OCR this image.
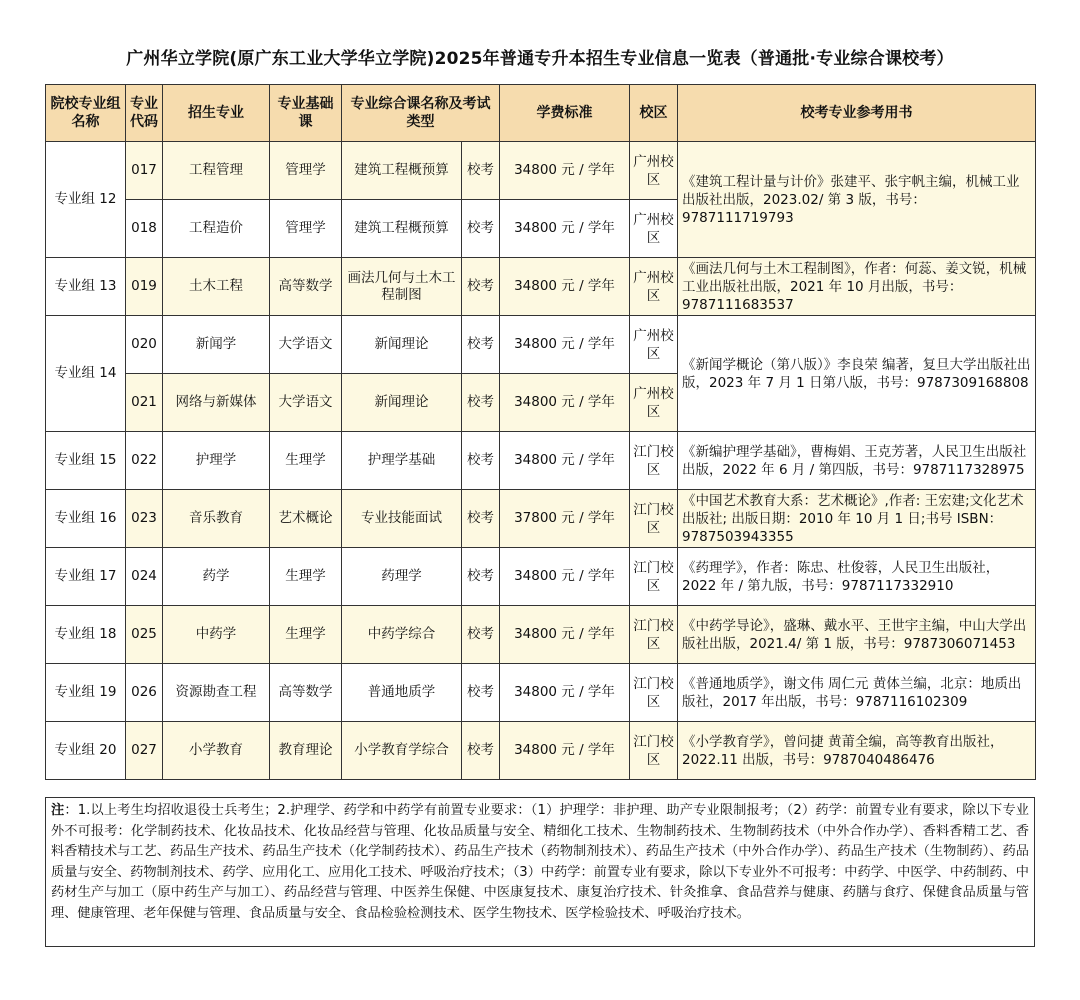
广州华立学院(原广东工业大学华立学院)2025年普通专升本招生专业信息一览表（普通批·专业综合课校考）
院校专业组名称	专业代码	招生专业	专业基础课	专业综合课名称及考试类型		学费标准	校区	校考专业参考用书
专业组 12	017	工程管理	管理学	建筑工程概预算	校考	34800 元 / 学年	广州校区	《建筑工程计量与计价》张建平、张宇帆主编，机械工业出版社出版，2023.02/ 第 3 版，书号：9787111719793
	018	工程造价	管理学	建筑工程概预算	校考	34800 元 / 学年	广州校区	
专业组 13	019	土木工程	高等数学	画法几何与土木工程制图	校考	34800 元 / 学年	广州校区	《画法几何与土木工程制图》，作者：何蕊、姜文锐，机械工业出版社出版，2021 年 10 月出版，书号：9787111683537
专业组 14	020	新闻学	大学语文	新闻理论	校考	34800 元 / 学年	广州校区	《新闻学概论（第八版）》李良荣 编著，复旦大学出版社出版，2023 年 7 月 1 日第八版，书号：9787309168808
	021	网络与新媒体	大学语文	新闻理论	校考	34800 元 / 学年	广州校区	
专业组 15	022	护理学	生理学	护理学基础	校考	34800 元 / 学年	江门校区	《新编护理学基础》，曹梅娟、王克芳著，人民卫生出版社出版，2022 年 6 月 / 第四版，书号：9787117328975
专业组 16	023	音乐教育	艺术概论	专业技能面试	校考	37800 元 / 学年	江门校区	《中国艺术教育大系：艺术概论》,作者: 王宏建;文化艺术出版社; 出版日期：2010 年 10 月 1 日;书号 ISBN：9787503943355
专业组 17	024	药学	生理学	药理学	校考	34800 元 / 学年	江门校区	《药理学》，作者：陈忠、杜俊蓉，人民卫生出版社，2022 年 / 第九版，书号：9787117332910
专业组 18	025	中药学	生理学	中药学综合	校考	34800 元 / 学年	江门校区	《中药学导论》，盛琳、戴水平、王世宇主编，中山大学出版社出版，2021.4/ 第 1 版，书号：9787306071453
专业组 19	026	资源勘查工程	高等数学	普通地质学	校考	34800 元 / 学年	江门校区	《普通地质学》，谢文伟 周仁元 黄体兰编，北京：地质出版社，2017 年出版，书号：9787116102309
专业组 20	027	小学教育	教育理论	小学教育学综合	校考	34800 元 / 学年	江门校区	《小学教育学》，曾问捷 黄莆全编，高等教育出版社，2022.11 出版，书号：9787040486476
注：1.以上考生均招收退役士兵考生；2.护理学、药学和中药学有前置专业要求：（1）护理学：非护理、助产专业限制报考；（2）药学：前置专业有要求，除以下专业外不可报考：化学制药技术、化妆品技术、化妆品经营与管理、化妆品质量与安全、精细化工技术、生物制药技术、生物制药技术（中外合作办学）、香料香精工艺、香料香精技术与工艺、药品生产技术、药品生产技术（化学制药技术）、药品生产技术（药物制剂技术）、药品生产技术（中外合作办学）、药品生产技术（生物制药）、药品质量与安全、药物制剂技术、药学、应用化工、应用化工技术、呼吸治疗技术；（3）中药学：前置专业有要求，除以下专业外不可报考：中药学、中医学、中药制药、中药材生产与加工（原中药生产与加工）、药品经营与管理、中医养生保健、中医康复技术、康复治疗技术、针灸推拿、食品营养与健康、药膳与食疗、保健食品质量与管理、健康管理、老年保健与管理、食品质量与安全、食品检验检测技术、医学生物技术、医学检验技术、呼吸治疗技术。
